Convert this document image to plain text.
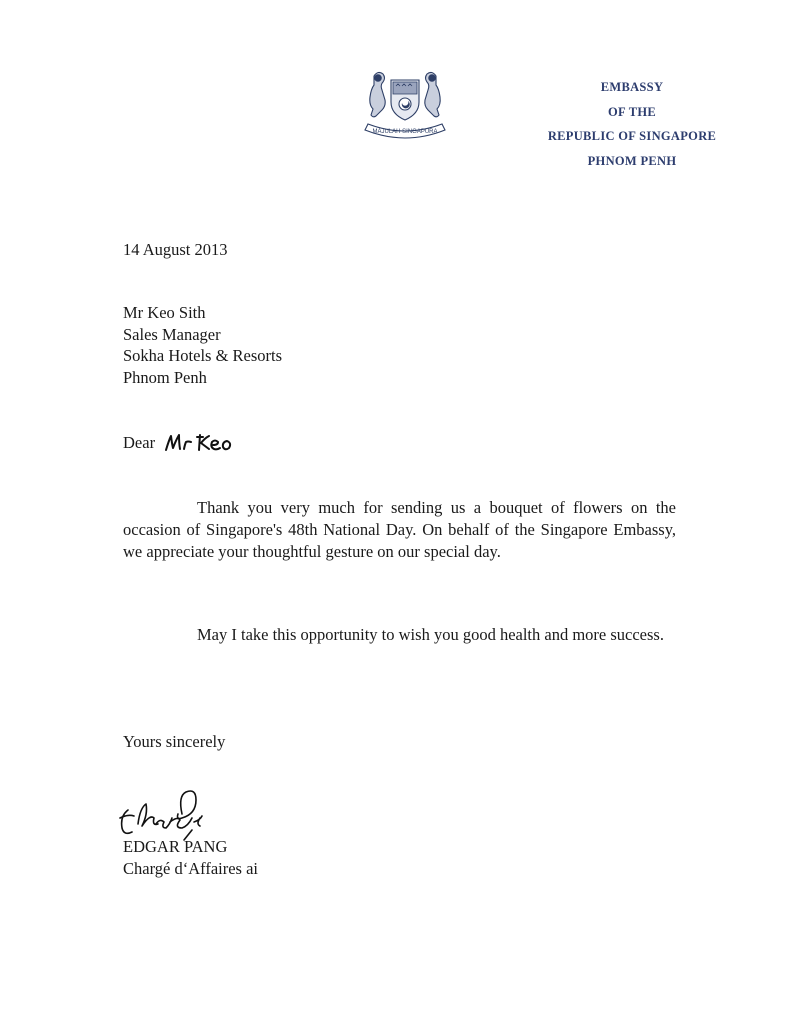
MAJULAH SINGAPURA
EMBASSY
OF THE
REPUBLIC OF SINGAPORE
PHNOM PENH
14 August 2013
Mr Keo Sith
Sales Manager
Sokha Hotels & Resorts
Phnom Penh
Dear
Thank you very much for sending us a bouquet of flowers on the occasion of Singapore's 48th National Day. On behalf of the Singapore Embassy, we appreciate your thoughtful gesture on our special day.
May I take this opportunity to wish you good health and more success.
Yours sincerely
EDGAR PANG
Chargé d‘Affaires ai
